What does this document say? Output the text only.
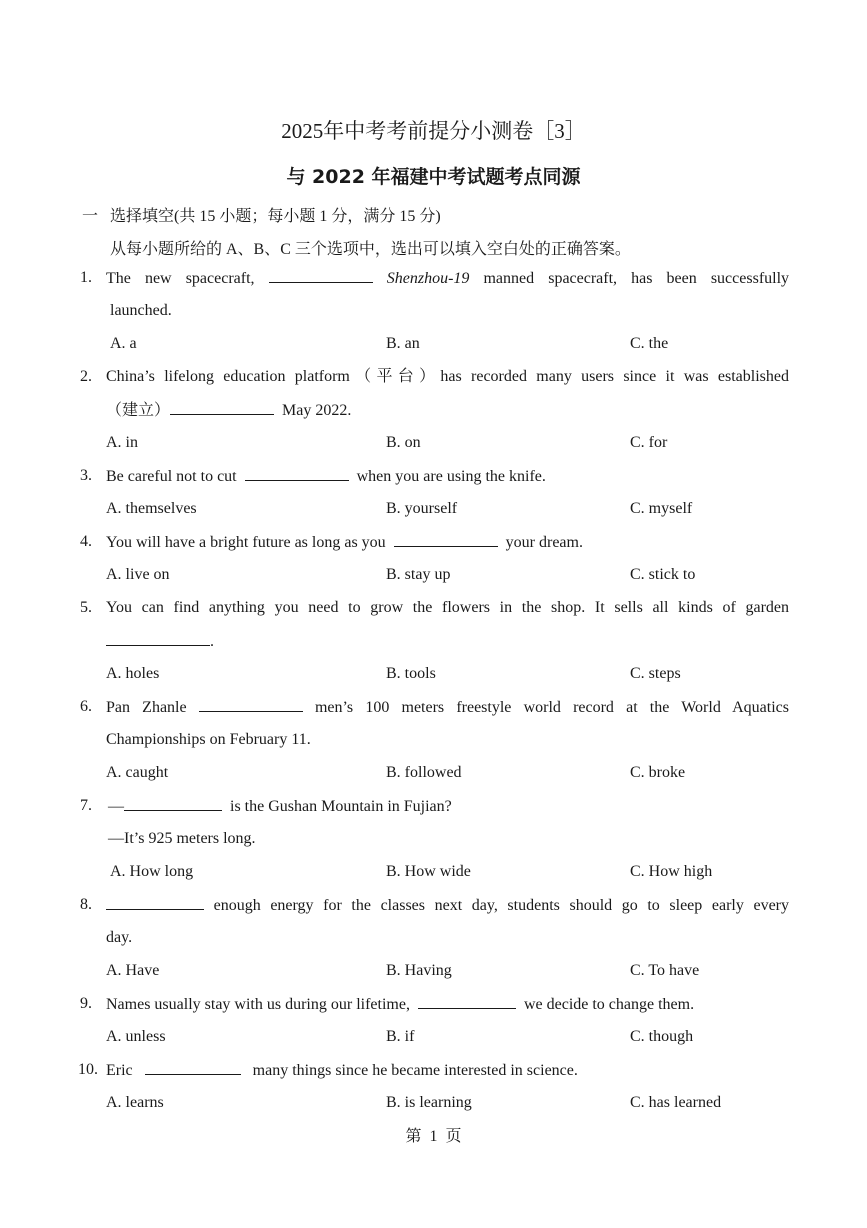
2025年中考考前提分小测卷［3］
与 2022 年福建中考试题考点同源
一 选择填空(共 15 小题；每小题 1 分，满分 15 分)
从每小题所给的 A、B、C 三个选项中，选出可以填入空白处的正确答案。
1. The new spacecraft,	Shenzhou-19 manned spacecraft, has been successfully
launched.
A. a	B. an	C. the
2. China’s lifelong education platform（平台）has recorded many users since it was established
（建立）	May 2022.
A. in	B. on	C. for
3. Be careful not to cut	when you are using the knife.
A. themselves	B. yourself	C. myself
4. You will have a bright future as long as you	your dream.
A. live on	B. stay up	C. stick to
5. You can find anything you need to grow the flowers in the shop. It sells all kinds of garden
.
A. holes	B. tools	C. steps
6. Pan Zhanle	men’s 100 meters freestyle world record at the World Aquatics
Championships on February 11.
A. caught	B. followed	C. broke
7. —	is the Gushan Mountain in Fujian?
—It’s 925 meters long.
A. How long	B. How wide	C. How high
8.	enough energy for the classes next day, students should go to sleep early every
day.
A. Have	B. Having	C. To have
9. Names usually stay with us during our lifetime,	we decide to change them.
A. unless	B. if	C. though
10. Eric	many things since he became interested in science.
A. learns	B. is learning	C. has learned
第 1 页
